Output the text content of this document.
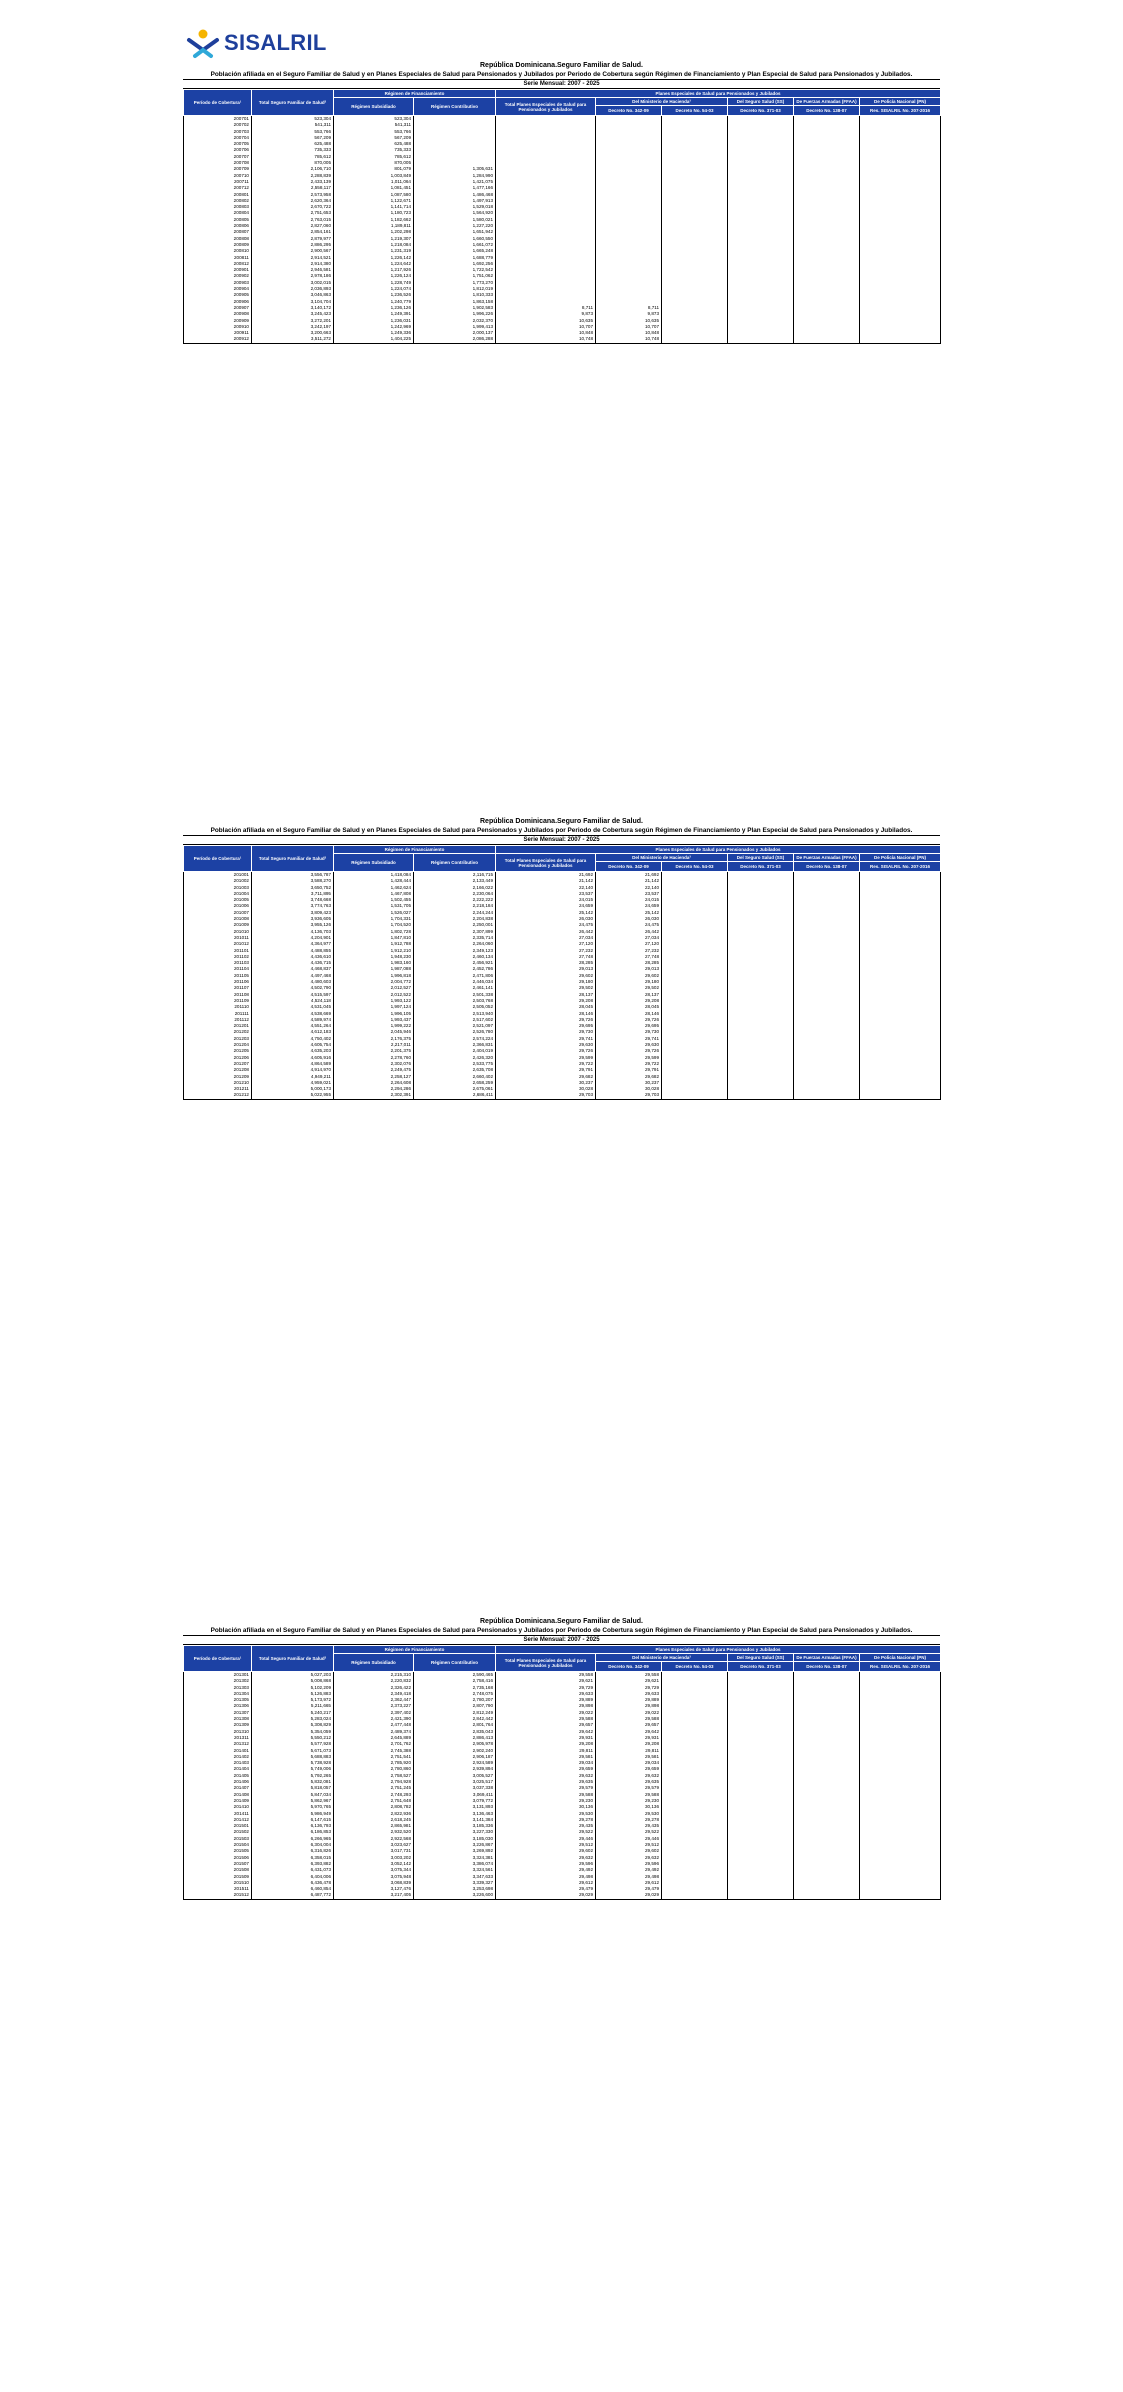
SISALRIL
República Dominicana.Seguro Familiar de Salud.
Población afiliada en el Seguro Familiar de Salud y en Planes Especiales de Salud para Pensionados y Jubilados por Periodo de Cobertura según Régimen de Financiamiento y Plan Especial de Salud para Pensionados y Jubilados.
Serie Mensual: 2007 - 2025
Período de Cobertura¹	Total Seguro Familiar de Salud²	Régimen de Financiamiento		Planes Especiales de Salud para Pensionados y Jubilados					
		Régimen Subsidiado	Régimen Contributivo	Total Planes Especiales de Salud para Pensionados y Jubilados	Del Ministerio de Hacienda³		Del Seguro Salud (SS)	De Fuerzas Armadas (FFAA)	De Policía Nacional (PN)

					Decreto No. 342-09	Decreto No. 54-03	Decreto No. 371-03	Decreto No. 138-07	Res. SISALRIL No. 207-2016
200701	523,304	523,304							
200702	541,311	541,311							
200703	553,766	553,766							
200704	567,209	567,209							
200705	625,488	625,488							
200706	735,333	735,333							
200707	785,612	785,612							
200708	870,005	870,005							
200709	2,106,710	801,079	1,305,631						
200710	2,288,839	1,003,849	1,284,990						
200711	2,433,139	1,011,064	1,421,075						
200712	2,558,117	1,081,451	1,477,166						
200801	2,573,958	1,087,580	1,486,468						
200802	2,620,364	1,122,671	1,497,913						
200803	2,670,722	1,141,714	1,529,018						
200804	2,751,653	1,180,723	1,564,920						
200805	2,763,015	1,182,662	1,580,021						
200806	2,827,060	1,189,811	1,227,220						
200807	2,854,161	1,202,298	1,651,942						
200808	2,879,977	1,219,307	1,660,550						
200809	2,886,295	1,218,084	1,661,072						
200810	2,900,567	1,231,319	1,665,248						
200811	2,914,521	1,226,142	1,688,779						
200812	2,914,380	1,224,642	1,692,256						
200901	2,946,581	1,217,926	1,722,542						
200902	2,978,186	1,226,124	1,751,062						
200903	3,002,015	1,228,749	1,773,270						
200904	2,036,893	1,224,074	1,812,019						
200905	3,046,863	1,236,526	1,810,333						
200906	3,104,704	1,240,779	1,863,158						
200907	3,140,172	1,236,126	1,902,583	8,711	8,711				
200908	3,245,423	1,249,391	1,996,226	9,873	9,873				
200909	3,272,201	1,236,031	2,032,370	10,635	10,635				
200910	3,242,197	1,242,969	1,999,413	10,707	10,707				
200911	3,200,663	1,249,336	2,000,137	10,848	10,848				
200912	3,511,272	1,404,225	2,086,288	10,748	10,748				
República Dominicana.Seguro Familiar de Salud.
Población afiliada en el Seguro Familiar de Salud y en Planes Especiales de Salud para Pensionados y Jubilados por Periodo de Cobertura según Régimen de Financiamiento y Plan Especial de Salud para Pensionados y Jubilados.
Serie Mensual: 2007 - 2025
Período de Cobertura¹	Total Seguro Familiar de Salud²	Régimen de Financiamiento		Planes Especiales de Salud para Pensionados y Jubilados					
		Régimen Subsidiado	Régimen Contributivo	Total Planes Especiales de Salud para Pensionados y Jubilados	Del Ministerio de Hacienda³		Del Seguro Salud (SS)	De Fuerzas Armadas (FFAA)	De Policía Nacional (PN)

					Decreto No. 342-09	Decreto No. 54-03	Decreto No. 371-03	Decreto No. 138-07	Res. SISALRIL No. 207-2016
201001	3,556,787	1,418,084	2,116,715	21,692	21,692				
201002	3,588,270	1,428,444	2,133,449	21,142	21,142				
201003	3,650,752	1,462,624	2,166,022	22,140	22,140				
201004	3,711,895	1,467,808	2,230,064	23,537	23,537				
201005	3,748,668	1,502,455	2,222,222	24,015	24,015				
201006	3,774,763	1,531,705	2,218,184	24,659	24,659				
201007	3,809,423	1,526,027	2,244,244	25,142	25,142				
201008	3,936,605	1,704,331	2,204,838	26,030	26,030				
201009	3,955,126	1,704,520	2,250,001	24,475	24,475				
201010	4,136,703	1,802,728	2,307,899	26,442	26,442				
201011	4,204,901	1,847,810	2,335,714	27,034	27,034				
201012	4,364,977	1,912,788	2,264,060	27,120	27,120				
201101	4,488,855	1,912,210	2,349,123	27,232	27,232				
201102	4,436,610	1,948,230	2,460,134	27,748	27,748				
201103	4,436,715	1,983,160	2,456,921	28,285	28,285				
201104	4,468,837	1,987,088	2,452,786	29,013	29,013				
201105	4,497,468	1,996,818	2,471,806	29,602	29,602				
201106	4,480,603	2,004,772	2,446,034	29,180	29,180				
201107	4,502,790	2,012,527	2,461,141	29,502	29,502				
201108	4,515,597	2,012,522	2,501,338	28,137	28,137				
201109	4,524,118	1,993,122	2,503,768	29,208	29,208				
201110	4,531,045	1,997,124	2,505,052	28,045	28,045				
201111	4,538,669	1,996,105	2,513,940	28,146	28,146				
201112	4,589,974	1,993,437	2,517,602	29,726	29,726				
201201	4,551,264	1,999,222	2,521,097	29,695	29,695				
201202	4,612,183	2,045,946	2,526,780	29,730	29,730				
201203	4,750,402	2,176,375	2,574,224	29,741	29,741				
201204	4,605,754	2,217,011	2,366,831	29,630	29,630				
201205	4,635,203	2,201,375	2,404,019	29,726	29,726				
201206	4,605,916	2,278,760	2,426,320	29,599	29,599				
201207	4,864,589	2,302,076	2,533,775	29,722	29,722				
201208	4,914,970	2,249,475	2,635,708	29,791	29,791				
201209	4,949,211	2,258,127	2,660,402	29,682	29,682				
201210	4,959,021	2,264,608	2,658,259	30,237	30,237				
201211	5,000,173	2,294,286	2,675,061	30,028	30,028				
201212	5,022,955	2,302,391	2,686,411	29,703	29,703				
República Dominicana.Seguro Familiar de Salud.
Población afiliada en el Seguro Familiar de Salud y en Planes Especiales de Salud para Pensionados y Jubilados por Periodo de Cobertura según Régimen de Financiamiento y Plan Especial de Salud para Pensionados y Jubilados.
Serie Mensual: 2007 - 2025
Período de Cobertura¹	Total Seguro Familiar de Salud²	Régimen de Financiamiento		Planes Especiales de Salud para Pensionados y Jubilados					
		Régimen Subsidiado	Régimen Contributivo	Total Planes Especiales de Salud para Pensionados y Jubilados	Del Ministerio de Hacienda³		Del Seguro Salud (SS)	De Fuerzas Armadas (FFAA)	De Policía Nacional (PN)

					Decreto No. 342-09	Decreto No. 54-03	Decreto No. 371-03	Decreto No. 138-07	Res. SISALRIL No. 207-2016
201301	5,027,203	2,215,310	2,590,465	29,558	29,558				
201302	5,008,868	2,220,832	2,758,416	29,621	29,621				
201303	5,102,209	2,326,422	2,735,168	29,729	29,729				
201304	5,126,883	2,349,418	2,748,075	29,633	29,633				
201305	5,173,972	2,362,447	2,780,207	29,889	29,889				
201306	5,211,665	2,373,227	2,807,790	29,898	29,898				
201307	5,240,217	2,397,402	2,812,249	29,022	29,022				
201308	5,283,024	2,421,390	2,842,442	29,588	29,588				
201309	5,308,829	2,477,448	2,801,764	29,657	29,657				
201310	5,354,059	2,489,374	2,835,043	29,642	29,642				
201311	5,550,212	2,645,889	2,886,413	29,931	29,931				
201312	5,577,928	2,701,762	2,905,978	29,208	29,208				
201401	5,671,073	2,745,388	2,902,240	29,811	29,811				
201402	5,688,883	2,751,541	2,906,187	29,581	29,581				
201403	5,738,928	2,785,920	2,924,589	29,034	29,034				
201404	5,749,006	2,780,860	2,939,894	29,659	29,659				
201405	5,792,265	2,758,527	3,005,527	29,632	29,632				
201406	5,832,081	2,794,928	3,025,517	29,635	29,635				
201407	5,818,057	2,751,245	3,037,338	29,579	29,579				
201408	5,847,034	2,748,293	3,069,411	29,588	29,588				
201409	5,862,967	2,751,648	3,079,772	29,230	29,230				
201410	5,970,765	2,808,782	3,131,893	30,136	30,136				
201411	5,986,949	2,822,936	3,136,463	29,530	29,530				
201412	6,147,615	2,618,245	3,141,384	29,278	29,278				
201501	6,136,793	2,865,981	3,185,336	29,435	29,435				
201502	6,186,853	2,932,520	3,227,330	29,522	29,522				
201503	6,266,965	2,922,568	3,185,030	29,446	29,446				
201504	6,304,004	3,023,627	3,226,867	29,512	29,512				
201505	6,316,826	3,017,731	3,269,892	29,602	29,602				
201506	6,358,015	3,003,202	3,324,381	29,632	29,632				
201507	6,393,882	3,052,142	3,386,074	29,596	29,596				
201508	6,431,073	3,075,344	3,324,561	29,492	29,492				
201509	6,404,006	3,075,948	3,347,633	29,498	29,498				
201510	6,436,478	3,068,839	3,339,327	29,612	29,612				
201511	6,460,854	3,127,476	3,253,698	29,479	29,479				
201512	6,487,772	3,217,405	3,226,600	29,029	29,029				
